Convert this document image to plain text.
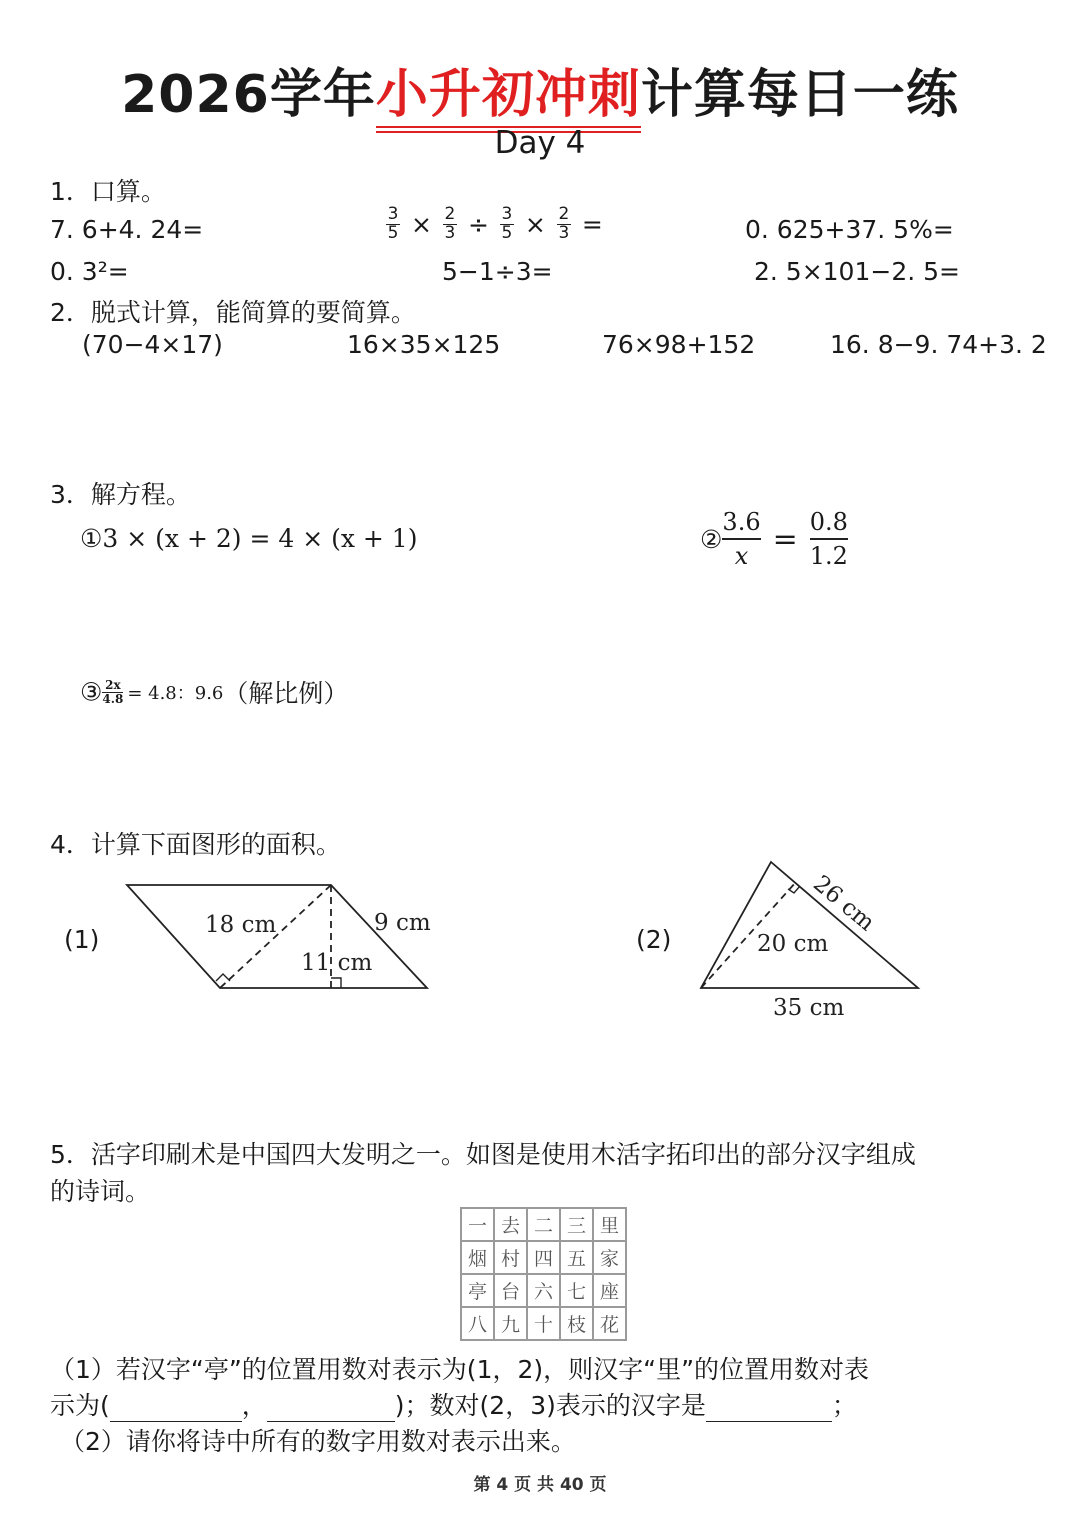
2026学年小升初冲刺计算每日一练
Day 4
1．口算。
7. 6+4. 24=	$\frac{3}{5} \times \frac{2}{3} \div \frac{3}{5} \times \frac{2}{3}$ =	0. 625+37. 5%=
0. 3²=	5−1÷3=	2. 5×101−2. 5=
2．脱式计算，能简算的要简算。
(70−4×17)	16×35×125	76×98+152	16. 8−9. 74+3. 2
3．解方程。
①3 × (x + 2) = 4 × (x + 1)	② $\frac{3.6}{x} = \frac{0.8}{1.2}$
③ $\frac{2x}{4.8} = 4.8$：9.6（解比例）
4．计算下面图形的面积。
(1)	(2)
18 cm	9 cm
11 cm
26 cm
20 cm
35 cm
5．活字印刷术是中国四大发明之一。如图是使用木活字拓印出的部分汉字组成
的诗词。
一	去	二	三	里
烟	村	四	五	家
亭	台	六	七	座
八	九	十	枝	花
（1）若汉字“亭”的位置用数对表示为(1，2)，则汉字“里”的位置用数对表
示为(	，	)；数对(2，3)表示的汉字是	；
（2）请你将诗中所有的数字用数对表示出来。
第 4 页 共 40 页
